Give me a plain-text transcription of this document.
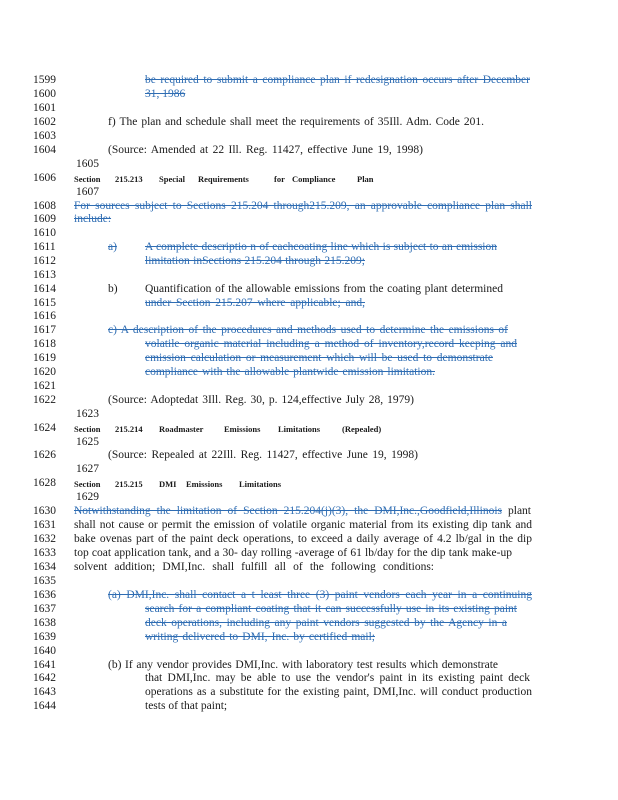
1599
1600
1601
1602
1603
1604
1606
1608
1609
1610
1611
1612
1613
1614
1615
1616
1617
1618
1619
1620
1621
1622
1624
1626
1628
1630
1631
1632
1633
1634
1635
1636
1637
1638
1639
1640
1641
1642
1643
1644
1605
1607
1623
1625
1627
1629
be required to submit a compliance plan if redesignation occurs after December
31, 1986
f) The plan and schedule shall meet the requirements of 35Ill. Adm. Code 201.
(Source: Amended at 22 Ill. Reg. 11427, effective June 19, 1998)
Section 215.213 Special Requirements	for Compliance	Plan
For sources subject to Sections 215.204 through215.209, an approvable compliance plan shall
include:
a) A complete descriptio n of eachcoating line which is subject to an emission
limitation inSections 215.204 through 215.209;
b) Quantification of the allowable emissions from the coating plant determined
under Section 215.207 where applicable; and,
c) A description of the procedures and methods used to determine the emissions of
volatile organic material including a method of inventory,record keeping and
emission calculation or measurement which will be used to demonstrate
compliance with the allowable plantwide emission limitation.
(Source: Adoptedat 3Ill. Reg. 30, p. 124,effective July 28, 1979)
Section 215.214 Roadmaster Emissions Limitations	(Repealed)
(Source: Repealed at 22Ill. Reg. 11427, effective June 19, 1998)
Section 215.215 DMI Emissions Limitations
Notwithstanding the limitation of Section 215.204(j)(3), the DMI,Inc.,Goodfield,Illinois plant
shall not cause or permit the emission of volatile organic material from its existing dip tank and
bake ovenas part of the paint deck operations, to exceed a daily average of 4.2 lb/gal in the dip
top coat application tank, and a 30- day rolling -average of 61 lb/day for the dip tank make-up
solvent addition; DMI,Inc. shall fulfill all of the following conditions:
(a) DMI,Inc. shall contact a t least three (3) paint vendors each year in a continuing
search for a compliant coating that it can successfully use in its existing paint
deck operations, including any paint vendors suggested by the Agency in a
writing delivered to DMI, Inc. by certified mail;
(b) If any vendor provides DMI,Inc. with laboratory test results which demonstrate
that DMI,Inc. may be able to use the vendor's paint in its existing paint deck
operations as a substitute for the existing paint, DMI,Inc. will conduct production
tests of that paint;
